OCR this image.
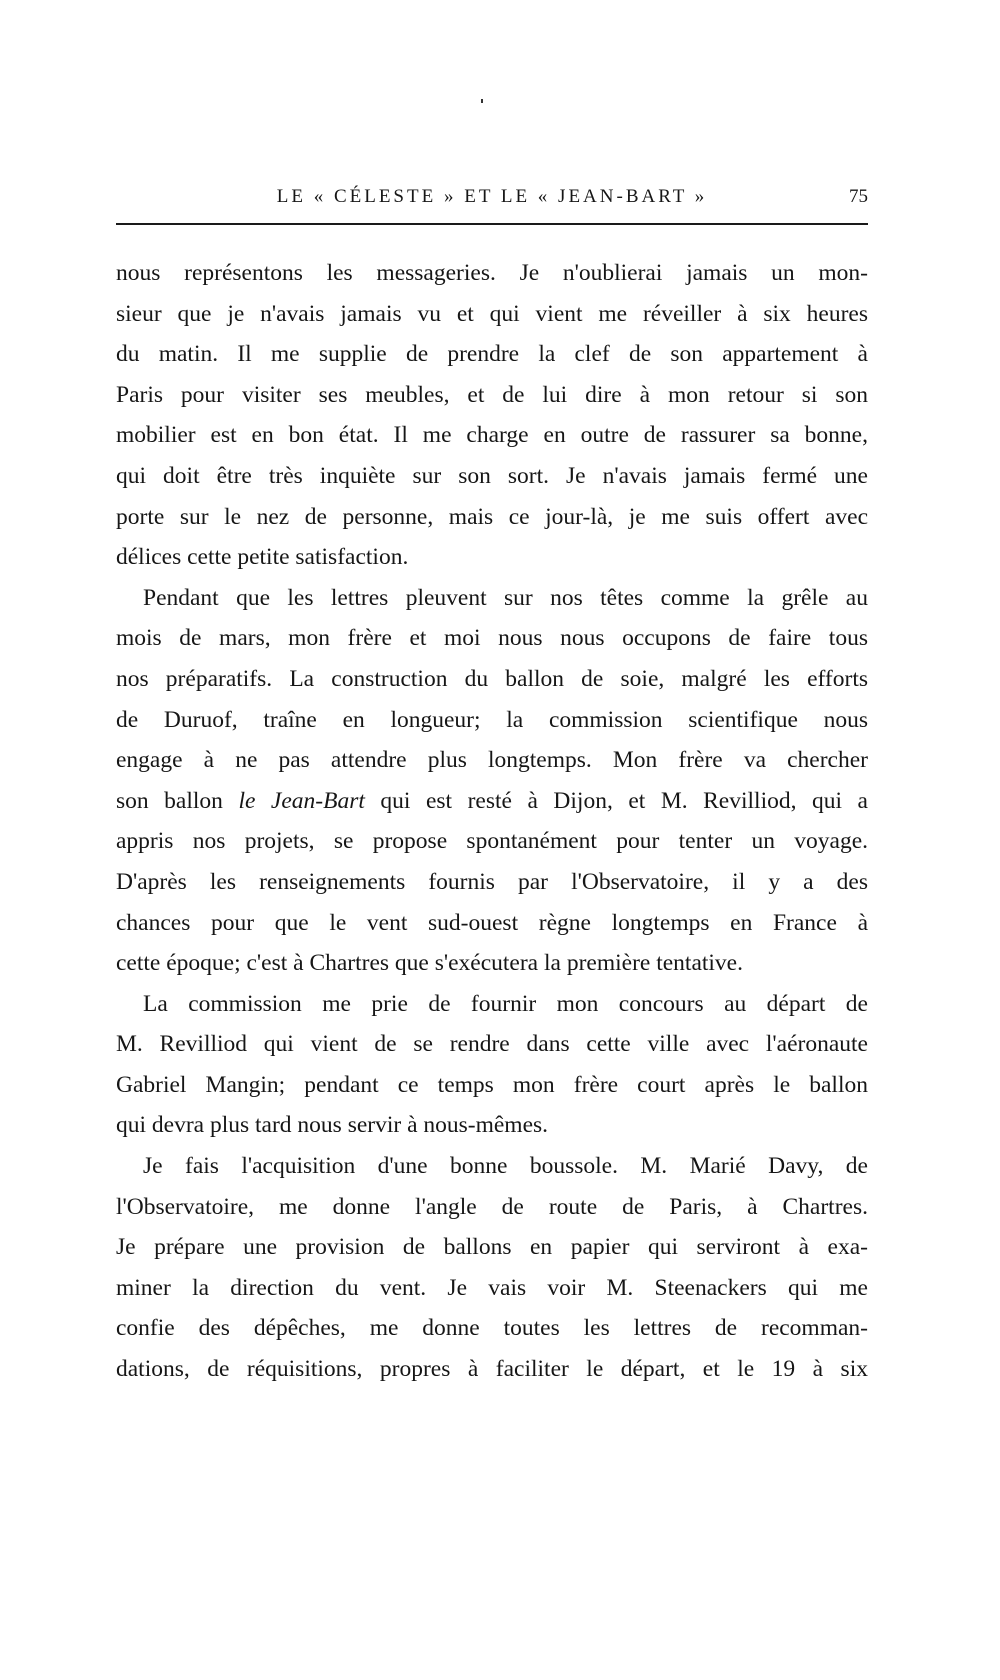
LE « CÉLESTE » ET LE « JEAN-BART »	75
nous représentons les messageries. Je n'oublierai jamais un mon-
sieur que je n'avais jamais vu et qui vient me réveiller à six heures
du matin. Il me supplie de prendre la clef de son appartement à
Paris pour visiter ses meubles, et de lui dire à mon retour si son
mobilier est en bon état. Il me charge en outre de rassurer sa bonne,
qui doit être très inquiète sur son sort. Je n'avais jamais fermé une
porte sur le nez de personne, mais ce jour-là, je me suis offert avec
délices cette petite satisfaction.
Pendant que les lettres pleuvent sur nos têtes comme la grêle au
mois de mars, mon frère et moi nous nous occupons de faire tous
nos préparatifs. La construction du ballon de soie, malgré les efforts
de Duruof, traîne en longueur; la commission scientifique nous
engage à ne pas attendre plus longtemps. Mon frère va chercher
son ballon le Jean-Bart qui est resté à Dijon, et M. Revilliod, qui a
appris nos projets, se propose spontanément pour tenter un voyage.
D'après les renseignements fournis par l'Observatoire, il y a des
chances pour que le vent sud-ouest règne longtemps en France à
cette époque; c'est à Chartres que s'exécutera la première tentative.
La commission me prie de fournir mon concours au départ de
M. Revilliod qui vient de se rendre dans cette ville avec l'aéronaute
Gabriel Mangin; pendant ce temps mon frère court après le ballon
qui devra plus tard nous servir à nous-mêmes.
Je fais l'acquisition d'une bonne boussole. M. Marié Davy, de
l'Observatoire, me donne l'angle de route de Paris, à Chartres.
Je prépare une provision de ballons en papier qui serviront à exa-
miner la direction du vent. Je vais voir M. Steenackers qui me
confie des dépêches, me donne toutes les lettres de recomman-
dations, de réquisitions, propres à faciliter le départ, et le 19 à six
